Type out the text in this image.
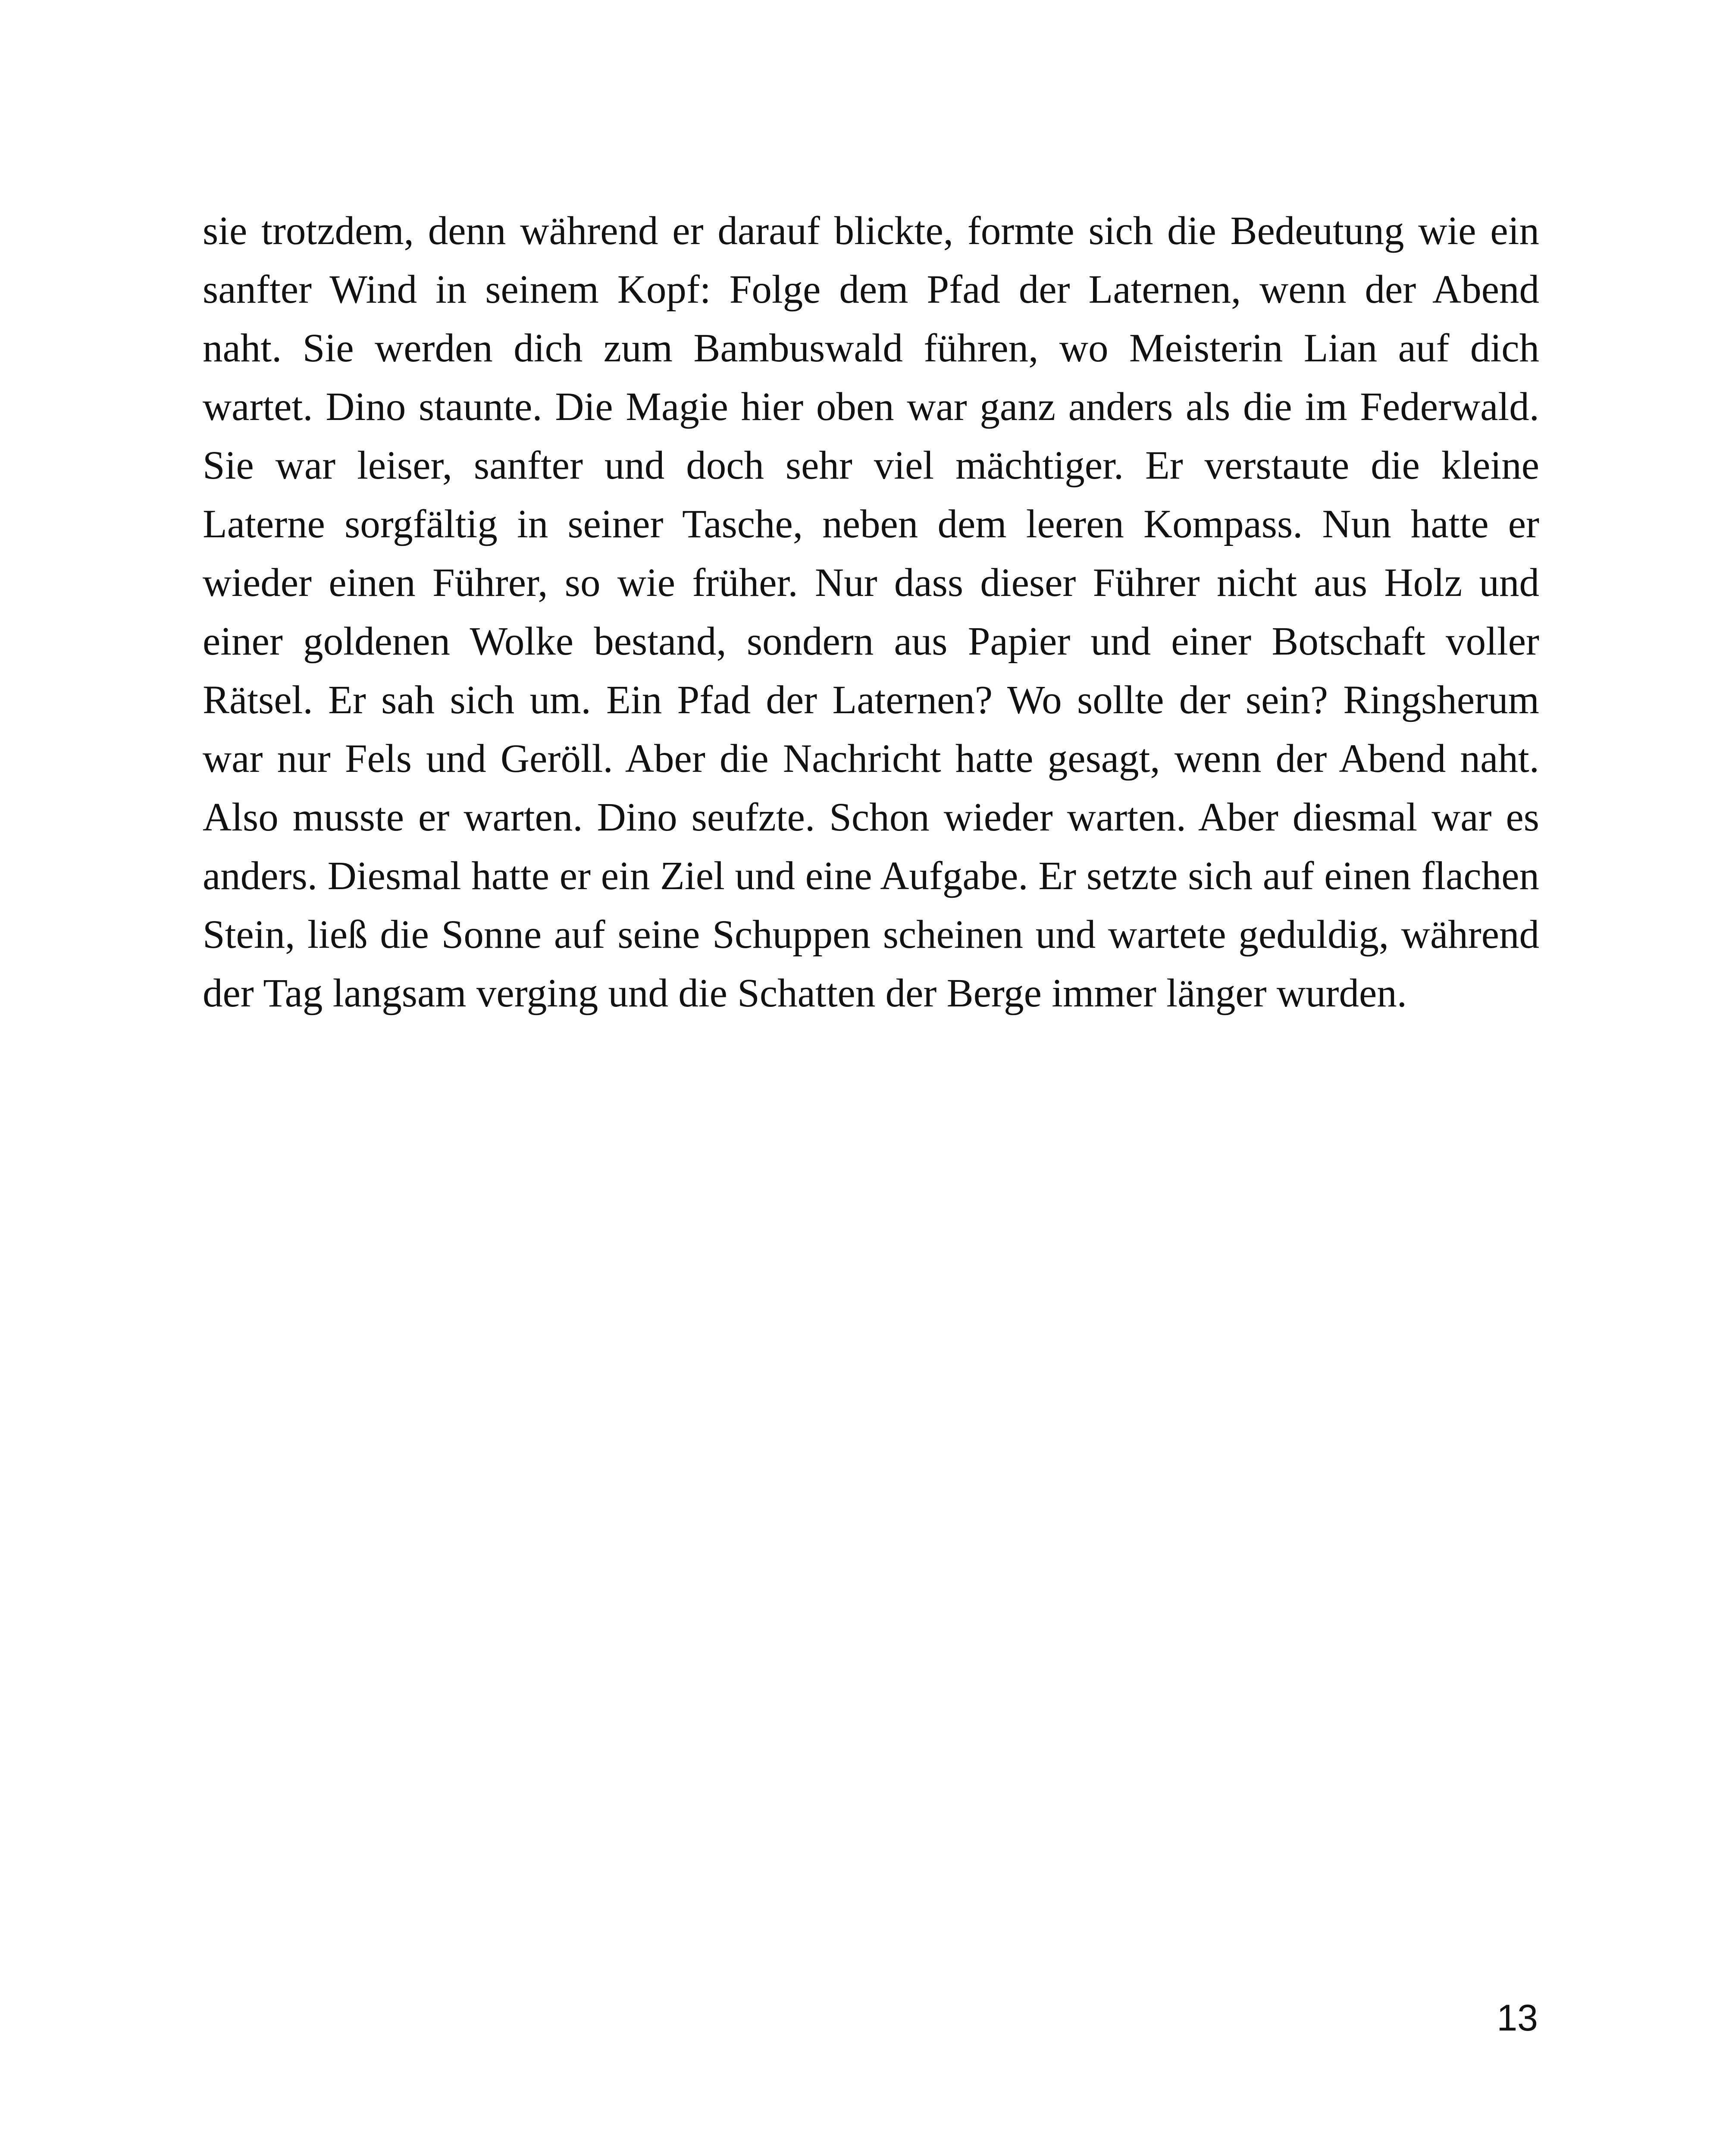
sie trotzdem, denn während er darauf blickte, formte sich die Bedeutung wie ein
sanfter Wind in seinem Kopf: Folge dem Pfad der Laternen, wenn der Abend
naht. Sie werden dich zum Bambuswald führen, wo Meisterin Lian auf dich
wartet. Dino staunte. Die Magie hier oben war ganz anders als die im Federwald.
Sie war leiser, sanfter und doch sehr viel mächtiger. Er verstaute die kleine
Laterne sorgfältig in seiner Tasche, neben dem leeren Kompass. Nun hatte er
wieder einen Führer, so wie früher. Nur dass dieser Führer nicht aus Holz und
einer goldenen Wolke bestand, sondern aus Papier und einer Botschaft voller
Rätsel. Er sah sich um. Ein Pfad der Laternen? Wo sollte der sein? Ringsherum
war nur Fels und Geröll. Aber die Nachricht hatte gesagt, wenn der Abend naht.
Also musste er warten. Dino seufzte. Schon wieder warten. Aber diesmal war es
anders. Diesmal hatte er ein Ziel und eine Aufgabe. Er setzte sich auf einen flachen
Stein, ließ die Sonne auf seine Schuppen scheinen und wartete geduldig, während
der Tag langsam verging und die Schatten der Berge immer länger wurden.

13
